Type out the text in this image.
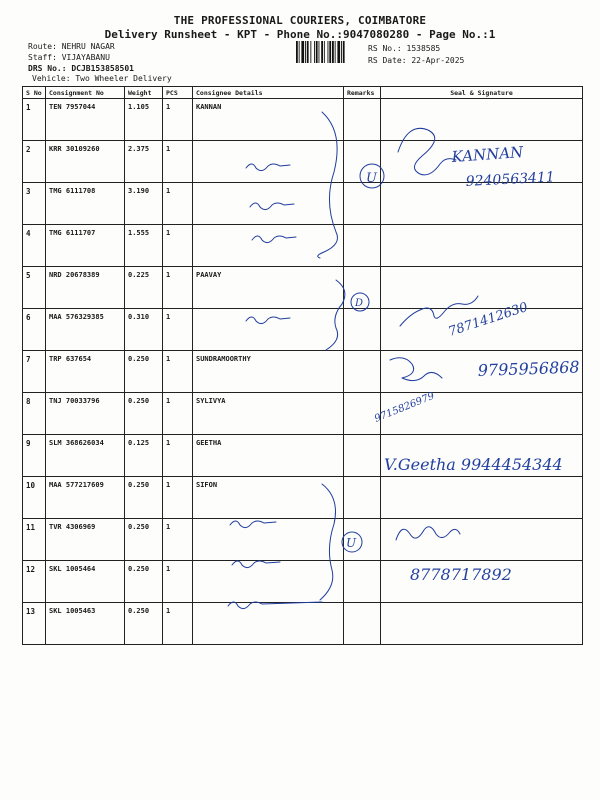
THE PROFESSIONAL COURIERS, COIMBATORE
Delivery Runsheet - KPT - Phone No.:9047080280 - Page No.:1
Route: NEHRU NAGAR
Staff: VIJAYABANU
DRS No.: DCJB153858501
Vehicle: Two Wheeler Delivery
RS No.: 1538585
RS Date: 22-Apr-2025
S No	Consignment No	Weight	PCS	Consignee Details	Remarks	Seal & Signature
1	TEN 7957044	1.105	1	KANNAN		
2	KRR 30109260	2.375	1			
3	TMG 6111708	3.190	1			
4	TMG 6111707	1.555	1			
5	NRD 20678389	0.225	1	PAAVAY		
6	MAA 576329385	0.310	1			
7	TRP 637654	0.250	1	SUNDRAMOORTHY		
8	TNJ 70033796	0.250	1	SYLIVYA		
9	SLM 368626034	0.125	1	GEETHA		
10	MAA 577217609	0.250	1	SIFON		
11	TVR 4306969	0.250	1			
12	SKL 1005464	0.250	1			
13	SKL 1005463	0.250	1			
U
D
U
KANNAN
9240563411
7871412630
9795956868
9715826979
V.Geetha 9944454344
8778717892
